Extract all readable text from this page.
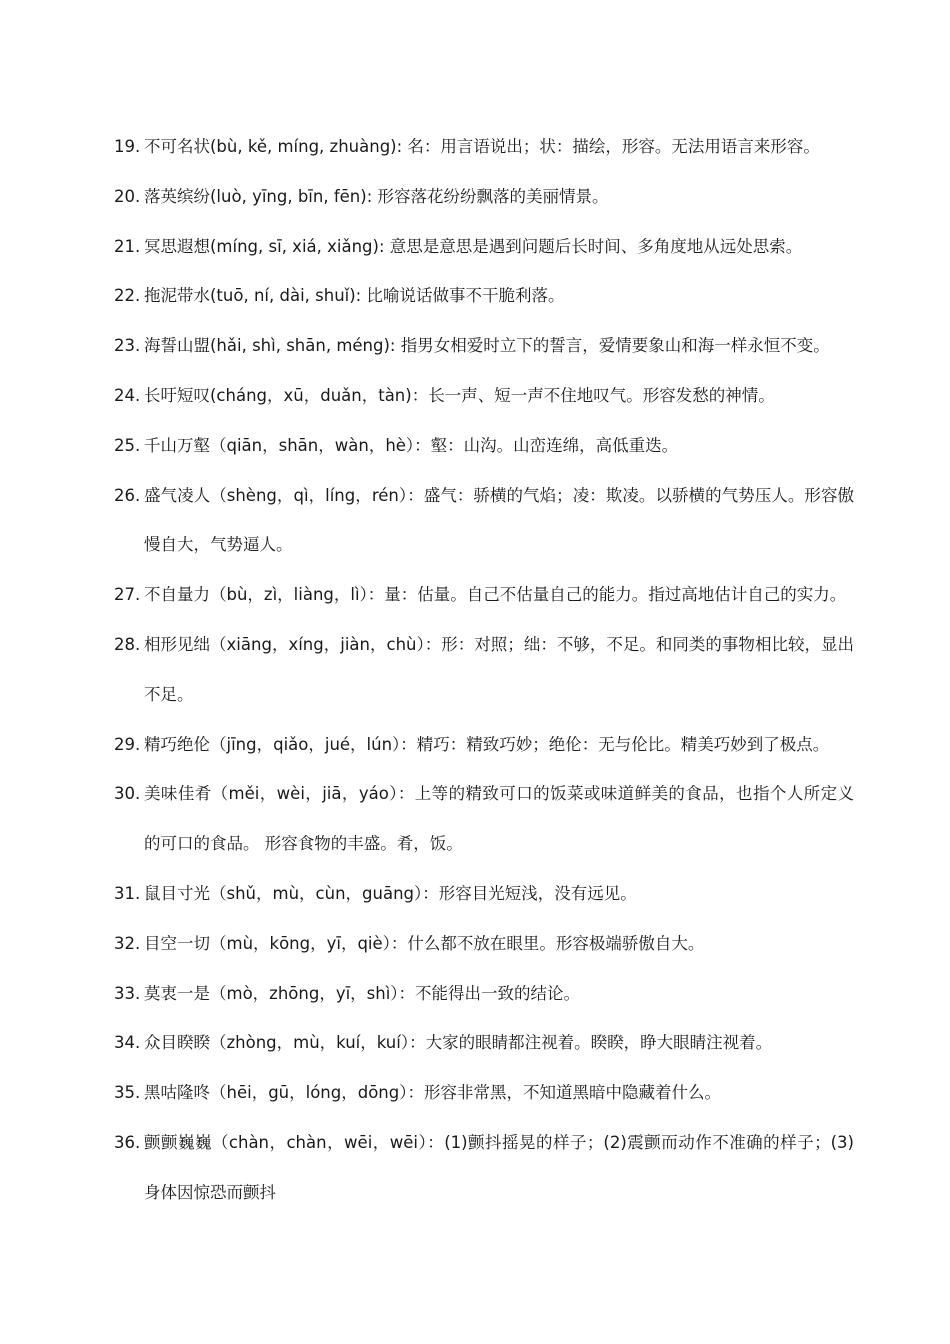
19. 不可名状(bù, kě, míng, zhuàng): 名：用言语说出；状：描绘，形容。无法用语言来形容。
20. 落英缤纷(luò, yīng, bīn, fēn): 形容落花纷纷飘落的美丽情景。
21. 冥思遐想(míng, sī, xiá, xiǎng): 意思是意思是遇到问题后长时间、多角度地从远处思索。
22. 拖泥带水(tuō, ní, dài, shuǐ): 比喻说话做事不干脆利落。
23. 海誓山盟(hǎi, shì, shān, méng): 指男女相爱时立下的誓言，爱情要象山和海一样永恒不变。
24. 长吁短叹(cháng，xū，duǎn，tàn)：长一声、短一声不住地叹气。形容发愁的神情。
25. 千山万壑（qiān，shān，wàn，hè）：壑：山沟。山峦连绵，高低重迭。
26. 盛气凌人（shèng，qì，líng，rén）：盛气：骄横的气焰；凌：欺凌。以骄横的气势压人。形容傲慢自大，气势逼人。
27. 不自量力（bù，zì，liàng，lì）：量：估量。自己不估量自己的能力。指过高地估计自己的实力。
28. 相形见绌（xiāng，xíng，jiàn，chù）：形：对照；绌：不够，不足。和同类的事物相比较，显出不足。
29. 精巧绝伦（jīng，qiǎo，jué，lún）：精巧：精致巧妙；绝伦：无与伦比。精美巧妙到了极点。
30. 美味佳肴（měi，wèi，jiā，yáo）：上等的精致可口的饭菜或味道鲜美的食品，也指个人所定义的可口的食品。 形容食物的丰盛。肴，饭。
31. 鼠目寸光（shǔ，mù，cùn，guāng）：形容目光短浅，没有远见。
32. 目空一切（mù，kōng，yī，qiè）：什么都不放在眼里。形容极端骄傲自大。
33. 莫衷一是（mò，zhōng，yī，shì）：不能得出一致的结论。
34. 众目睽睽（zhòng，mù，kuí，kuí）：大家的眼睛都注视着。睽睽，睁大眼睛注视着。
35. 黑咕隆咚（hēi，gū，lóng，dōng）：形容非常黑，不知道黑暗中隐藏着什么。
36. 颤颤巍巍（chàn，chàn，wēi，wēi）：(1)颤抖摇晃的样子；(2)震颤而动作不准确的样子；(3)身体因惊恐而颤抖
